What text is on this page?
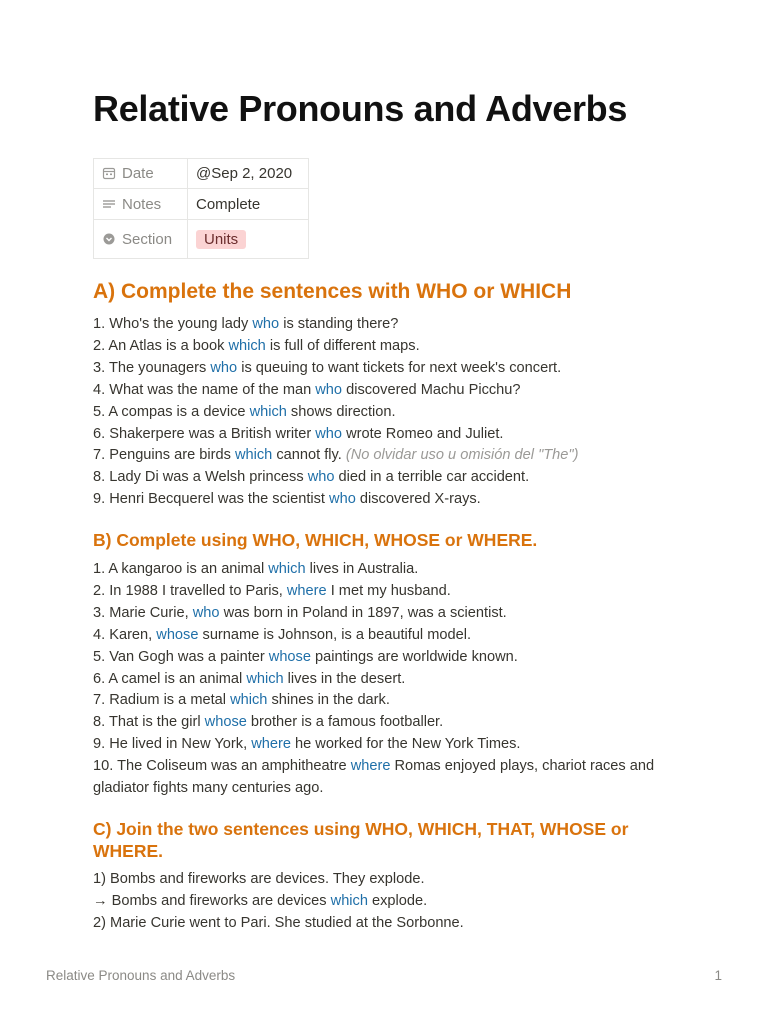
Relative Pronouns and Adverbs
Date	@Sep 2, 2020
Notes	Complete
Section	Units
A) Complete the sentences with WHO or WHICH
1. Who's the young lady who is standing there?
2. An Atlas is a book which is full of different maps.
3. The younagers who is queuing to want tickets for next week's concert.
4. What was the name of the man who discovered Machu Picchu?
5. A compas is a device which shows direction.
6. Shakerpere was a British writer who wrote Romeo and Juliet.
7. Penguins are birds which cannot fly. (No olvidar uso u omisión del "The")
8. Lady Di was a Welsh princess who died in a terrible car accident.
9. Henri Becquerel was the scientist who discovered X-rays.
B) Complete using WHO, WHICH, WHOSE or WHERE.
1. A kangaroo is an animal which lives in Australia.
2. In 1988 I travelled to Paris, where I met my husband.
3. Marie Curie, who was born in Poland in 1897, was a scientist.
4. Karen, whose surname is Johnson, is a beautiful model.
5. Van Gogh was a painter whose paintings are worldwide known.
6. A camel is an animal which lives in the desert.
7. Radium is a metal which shines in the dark.
8. That is the girl whose brother is a famous footballer.
9. He lived in New York, where he worked for the New York Times.
10. The Coliseum was an amphitheatre where Romas enjoyed plays, chariot races and gladiator fights many centuries ago.
C) Join the two sentences using WHO, WHICH, THAT, WHOSE or WHERE.
1) Bombs and fireworks are devices. They explode.
→ Bombs and fireworks are devices which explode.
2) Marie Curie went to Pari. She studied at the Sorbonne.
Relative Pronouns and Adverbs	1
